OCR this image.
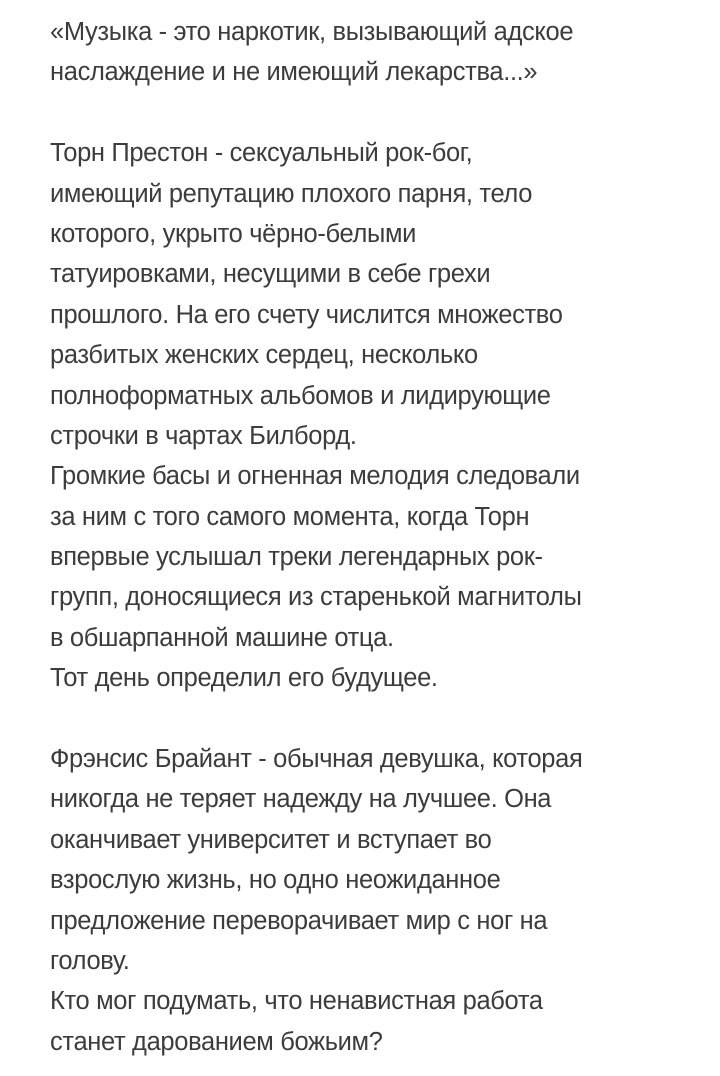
«Музыка - это наркотик, вызывающий адское
наслаждение и не имеющий лекарства...»

Торн Престон - сексуальный рок-бог,
имеющий репутацию плохого парня, тело
которого, укрыто чёрно-белыми
татуировками, несущими в себе грехи
прошлого. На его счету числится множество
разбитых женских сердец, несколько
полноформатных альбомов и лидирующие
строчки в чартах Билборд.

Громкие басы и огненная мелодия следовали
за ним с того самого момента, когда Торн
впервые услышал треки легендарных рок-
групп, доносящиеся из старенькой магнитолы
в обшарпанной машине отца.

Тот день определил его будущее.

Фрэнсис Брайант - обычная девушка, которая
никогда не теряет надежду на лучшее. Она
оканчивает университет и вступает во
взрослую жизнь, но одно неожиданное
предложение переворачивает мир с ног на
голову.

Кто мог подумать, что ненавистная работа
станет дарованием божьим?
